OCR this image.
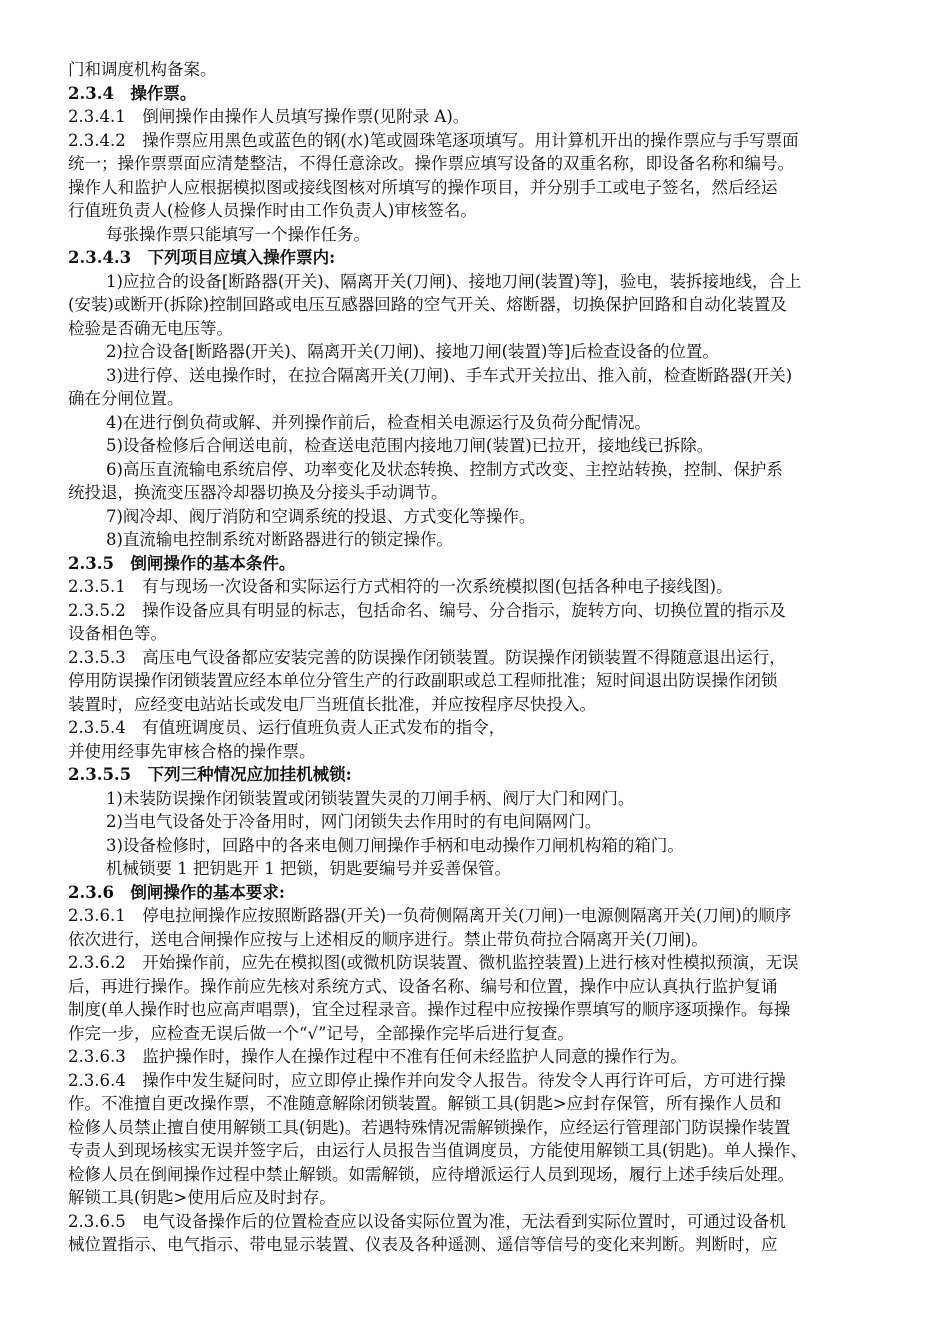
门和调度机构备案。
2.3.4　操作票。
2.3.4.1　倒闸操作由操作人员填写操作票(见附录 A)。
2.3.4.2　操作票应用黑色或蓝色的钢(水)笔或圆珠笔逐项填写。用计算机开出的操作票应与手写票面
统一；操作票票面应清楚整洁，不得任意涂改。操作票应填写设备的双重名称，即设备名称和编号。
操作人和监护人应根据模拟图或接线图核对所填写的操作项目，并分别手工或电子签名，然后经运
行值班负责人(检修人员操作时由工作负责人)审核签名。
每张操作票只能填写一个操作任务。
2.3.4.3　下列项目应填入操作票内:
1)应拉合的设备[断路器(开关)、隔离开关(刀闸)、接地刀闸(装置)等]，验电，装拆接地线，合上
(安装)或断开(拆除)控制回路或电压互感器回路的空气开关、熔断器，切换保护回路和自动化装置及
检验是否确无电压等。
2)拉合设备[断路器(开关)、隔离开关(刀闸)、接地刀闸(装置)等]后检查设备的位置。
3)进行停、送电操作时，在拉合隔离开关(刀闸)、手车式开关拉出、推入前，检查断路器(开关)
确在分闸位置。
4)在进行倒负荷或解、并列操作前后，检查相关电源运行及负荷分配情况。
5)设备检修后合闸送电前，检查送电范围内接地刀闸(装置)已拉开，接地线已拆除。
6)高压直流输电系统启停、功率变化及状态转换、控制方式改变、主控站转换，控制、保护系
统投退，换流变压器冷却器切换及分接头手动调节。
7)阀冷却、阀厅消防和空调系统的投退、方式变化等操作。
8)直流输电控制系统对断路器进行的锁定操作。
2.3.5　倒闸操作的基本条件。
2.3.5.1　有与现场一次设备和实际运行方式相符的一次系统模拟图(包括各种电子接线图)。
2.3.5.2　操作设备应具有明显的标志，包括命名、编号、分合指示，旋转方向、切换位置的指示及
设备相色等。
2.3.5.3　高压电气设备都应安装完善的防误操作闭锁装置。防误操作闭锁装置不得随意退出运行，
停用防误操作闭锁装置应经本单位分管生产的行政副职或总工程师批准；短时间退出防误操作闭锁
装置时，应经变电站站长或发电厂当班值长批准，并应按程序尽快投入。
2.3.5.4　有值班调度员、运行值班负责人正式发布的指令，
并使用经事先审核合格的操作票。
2.3.5.5　下列三种情况应加挂机械锁:
1)未装防误操作闭锁装置或闭锁装置失灵的刀闸手柄、阀厅大门和网门。
2)当电气设备处于冷备用时，网门闭锁失去作用时的有电间隔网门。
3)设备检修时，回路中的各来电侧刀闸操作手柄和电动操作刀闸机构箱的箱门。
机械锁要 1 把钥匙开 1 把锁，钥匙要编号并妥善保管。
2.3.6　倒闸操作的基本要求:
2.3.6.1　停电拉闸操作应按照断路器(开关)一负荷侧隔离开关(刀闸)一电源侧隔离开关(刀闸)的顺序
依次进行，送电合闸操作应按与上述相反的顺序进行。禁止带负荷拉合隔离开关(刀闸)。
2.3.6.2　开始操作前，应先在模拟图(或微机防误装置、微机监控装置)上进行核对性模拟预演，无误
后，再进行操作。操作前应先核对系统方式、设备名称、编号和位置，操作中应认真执行监护复诵
制度(单人操作时也应高声唱票)，宜全过程录音。操作过程中应按操作票填写的顺序逐项操作。每操
作完一步，应检查无误后做一个“√”记号，全部操作完毕后进行复查。
2.3.6.3　监护操作时，操作人在操作过程中不准有任何未经监护人同意的操作行为。
2.3.6.4　操作中发生疑问时，应立即停止操作并向发令人报告。待发令人再行许可后，方可进行操
作。不准擅自更改操作票，不准随意解除闭锁装置。解锁工具(钥匙>应封存保管，所有操作人员和
检修人员禁止擅自使用解锁工具(钥匙)。若遇特殊情况需解锁操作，应经运行管理部门防误操作装置
专责人到现场核实无误并签字后，由运行人员报告当值调度员，方能使用解锁工具(钥匙)。单人操作、
检修人员在倒闸操作过程中禁止解锁。如需解锁，应待增派运行人员到现场，履行上述手续后处理。
解锁工具(钥匙>使用后应及时封存。
2.3.6.5　电气设备操作后的位置检查应以设备实际位置为准，无法看到实际位置时，可通过设备机
械位置指示、电气指示、带电显示装置、仪表及各种遥测、遥信等信号的变化来判断。判断时，应
